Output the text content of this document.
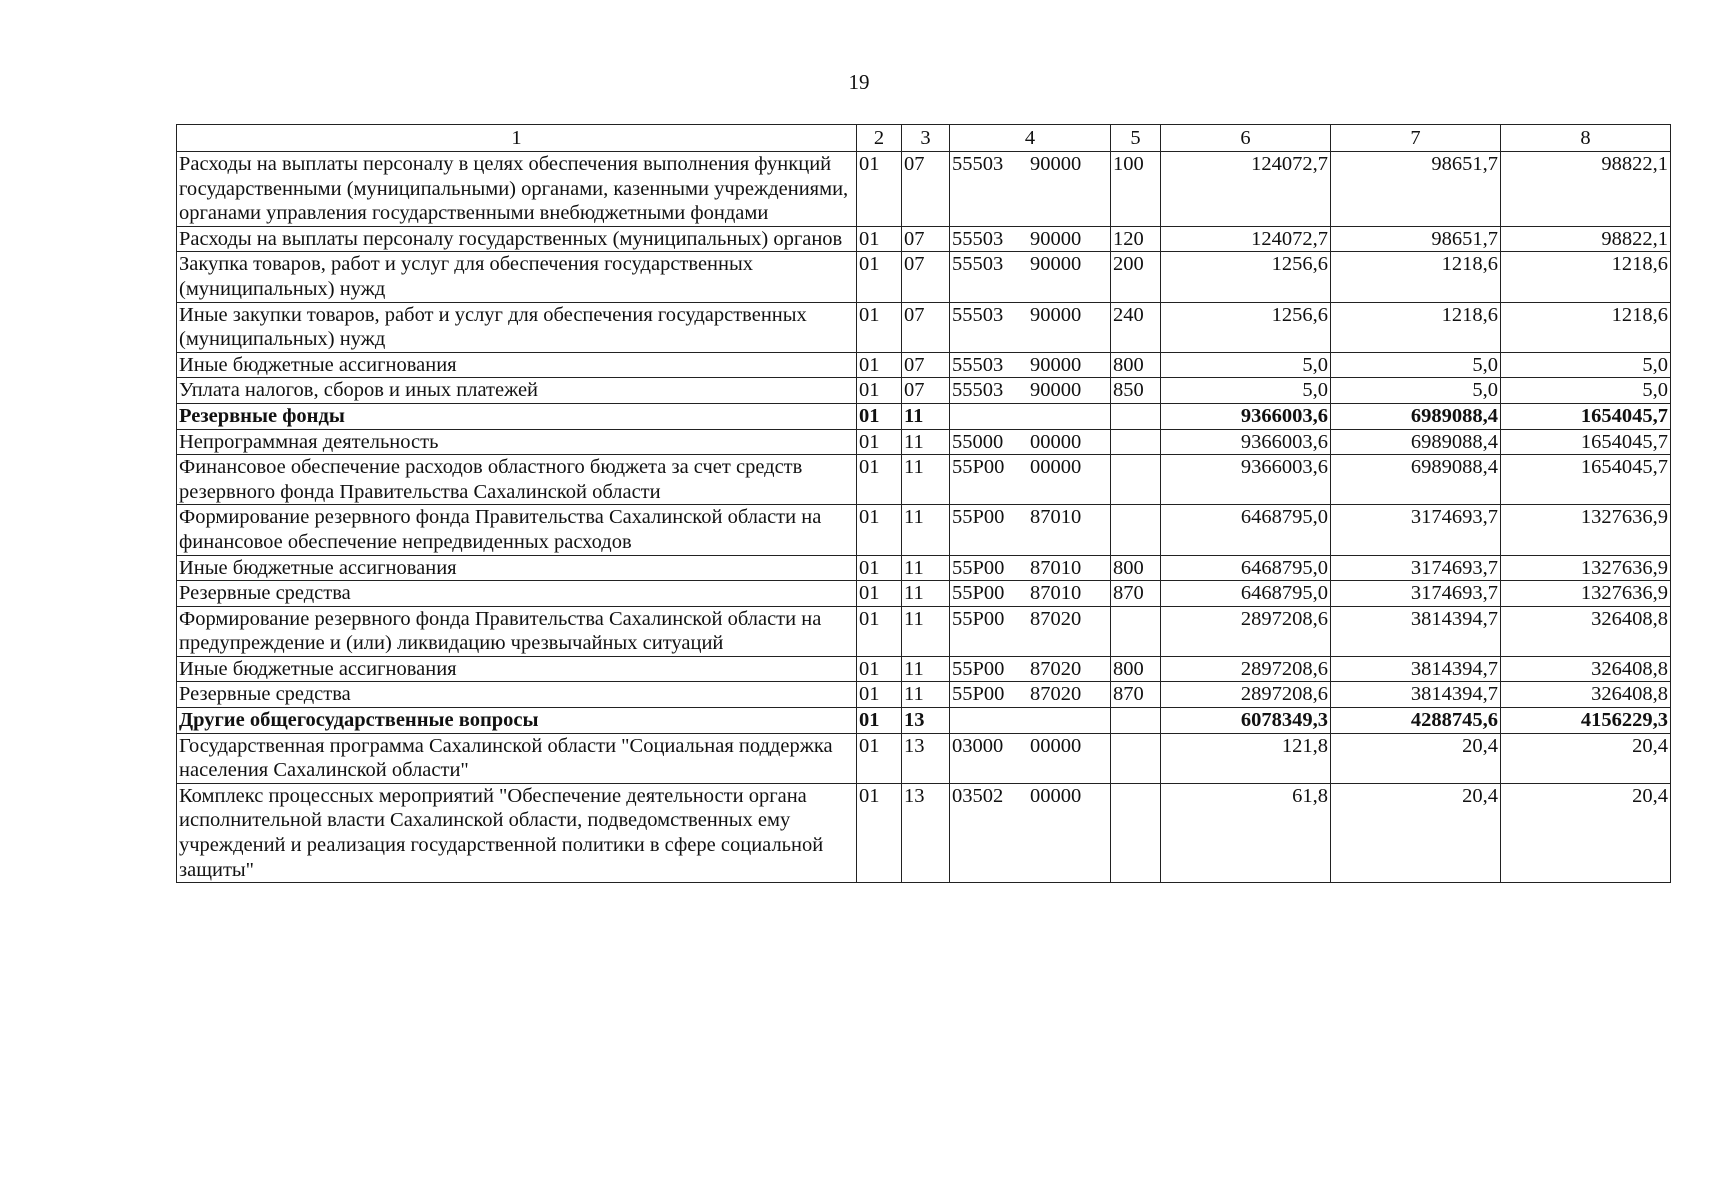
19
1	2	3	4	5	6	7	8
Расходы на выплаты персоналу в целях обеспечения выполнения функций государственными (муниципальными) органами, казенными учреждениями, органами управления государственными внебюджетными фондами	01	07	55503 90000	100	124072,7	98651,7	98822,1
Расходы на выплаты персоналу государственных (муниципальных) органов	01	07	55503 90000	120	124072,7	98651,7	98822,1
Закупка товаров, работ и услуг для обеспечения государственных (муниципальных) нужд	01	07	55503 90000	200	1256,6	1218,6	1218,6
Иные закупки товаров, работ и услуг для обеспечения государственных (муниципальных) нужд	01	07	55503 90000	240	1256,6	1218,6	1218,6
Иные бюджетные ассигнования	01	07	55503 90000	800	5,0	5,0	5,0
Уплата налогов, сборов и иных платежей	01	07	55503 90000	850	5,0	5,0	5,0
Резервные фонды	01	11			9366003,6	6989088,4	1654045,7
Непрограммная деятельность	01	11	55000 00000		9366003,6	6989088,4	1654045,7
Финансовое обеспечение расходов областного бюджета за счет средств резервного фонда Правительства Сахалинской области	01	11	55P00 00000		9366003,6	6989088,4	1654045,7
Формирование резервного фонда Правительства Сахалинской области на финансовое обеспечение непредвиденных расходов	01	11	55P00 87010		6468795,0	3174693,7	1327636,9
Иные бюджетные ассигнования	01	11	55P00 87010	800	6468795,0	3174693,7	1327636,9
Резервные средства	01	11	55P00 87010	870	6468795,0	3174693,7	1327636,9
Формирование резервного фонда Правительства Сахалинской области на предупреждение и (или) ликвидацию чрезвычайных ситуаций	01	11	55P00 87020		2897208,6	3814394,7	326408,8
Иные бюджетные ассигнования	01	11	55P00 87020	800	2897208,6	3814394,7	326408,8
Резервные средства	01	11	55P00 87020	870	2897208,6	3814394,7	326408,8
Другие общегосударственные вопросы	01	13			6078349,3	4288745,6	4156229,3
Государственная программа Сахалинской области "Социальная поддержка населения Сахалинской области"	01	13	03000 00000		121,8	20,4	20,4
Комплекс процессных мероприятий "Обеспечение деятельности органа исполнительной власти Сахалинской области, подведомственных ему учреждений и реализация государственной политики в сфере социальной защиты"	01	13	03502 00000		61,8	20,4	20,4
